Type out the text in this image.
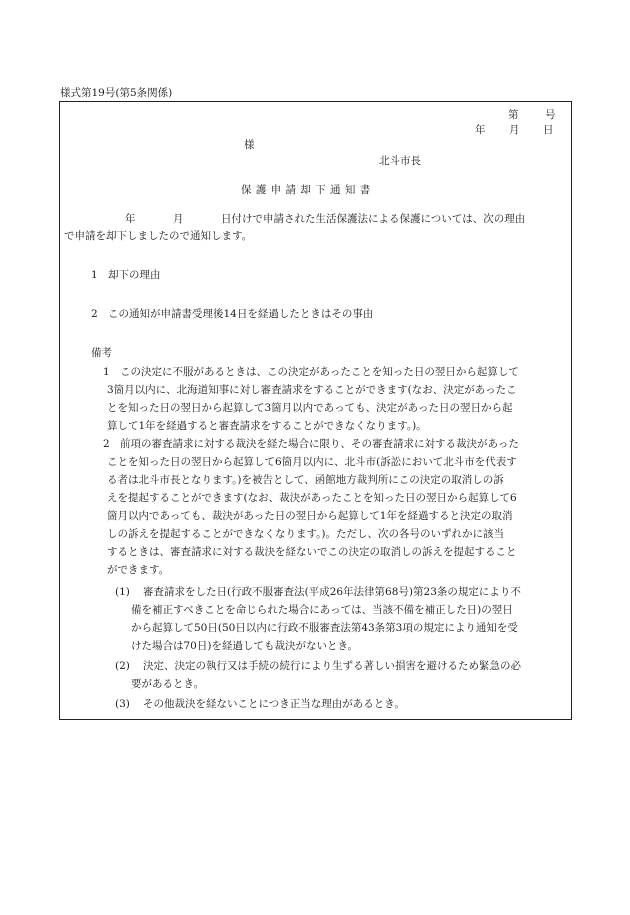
様式第19号(第5条関係)
第	号
年 月 日
様
北斗市長
保 護 申 請 却 下 通 知 書
年	月	日付けで申請された生活保護法による保護については、次の理由
で申請を却下しましたので通知します。
1 却下の理由
2 この通知が申請書受理後14日を経過したときはその事由
備考
1 この決定に不服があるときは、この決定があったことを知った日の翌日から起算して
3箇月以内に、北海道知事に対し審査請求をすることができます(なお、決定があったこ
とを知った日の翌日から起算して3箇月以内であっても、決定があった日の翌日から起
算して1年を経過すると審査請求をすることができなくなります。)。
2 前項の審査請求に対する裁決を経た場合に限り、その審査請求に対する裁決があった
ことを知った日の翌日から起算して6箇月以内に、北斗市(訴訟において北斗市を代表す
る者は北斗市長となります。)を被告として、函館地方裁判所にこの決定の取消しの訴
えを提起することができます(なお、裁決があったことを知った日の翌日から起算して6
箇月以内であっても、裁決があった日の翌日から起算して1年を経過すると決定の取消
しの訴えを提起することができなくなります。)。ただし、次の各号のいずれかに該当
するときは、審査請求に対する裁決を経ないでこの決定の取消しの訴えを提起すること
ができます。
(1) 審査請求をした日(行政不服審査法(平成26年法律第68号)第23条の規定により不
備を補正すべきことを命じられた場合にあっては、当該不備を補正した日)の翌日
から起算して50日(50日以内に行政不服審査法第43条第3項の規定により通知を受
けた場合は70日)を経過しても裁決がないとき。
(2) 決定、決定の執行又は手続の続行により生ずる著しい損害を避けるため緊急の必
要があるとき。
(3) その他裁決を経ないことにつき正当な理由があるとき。
